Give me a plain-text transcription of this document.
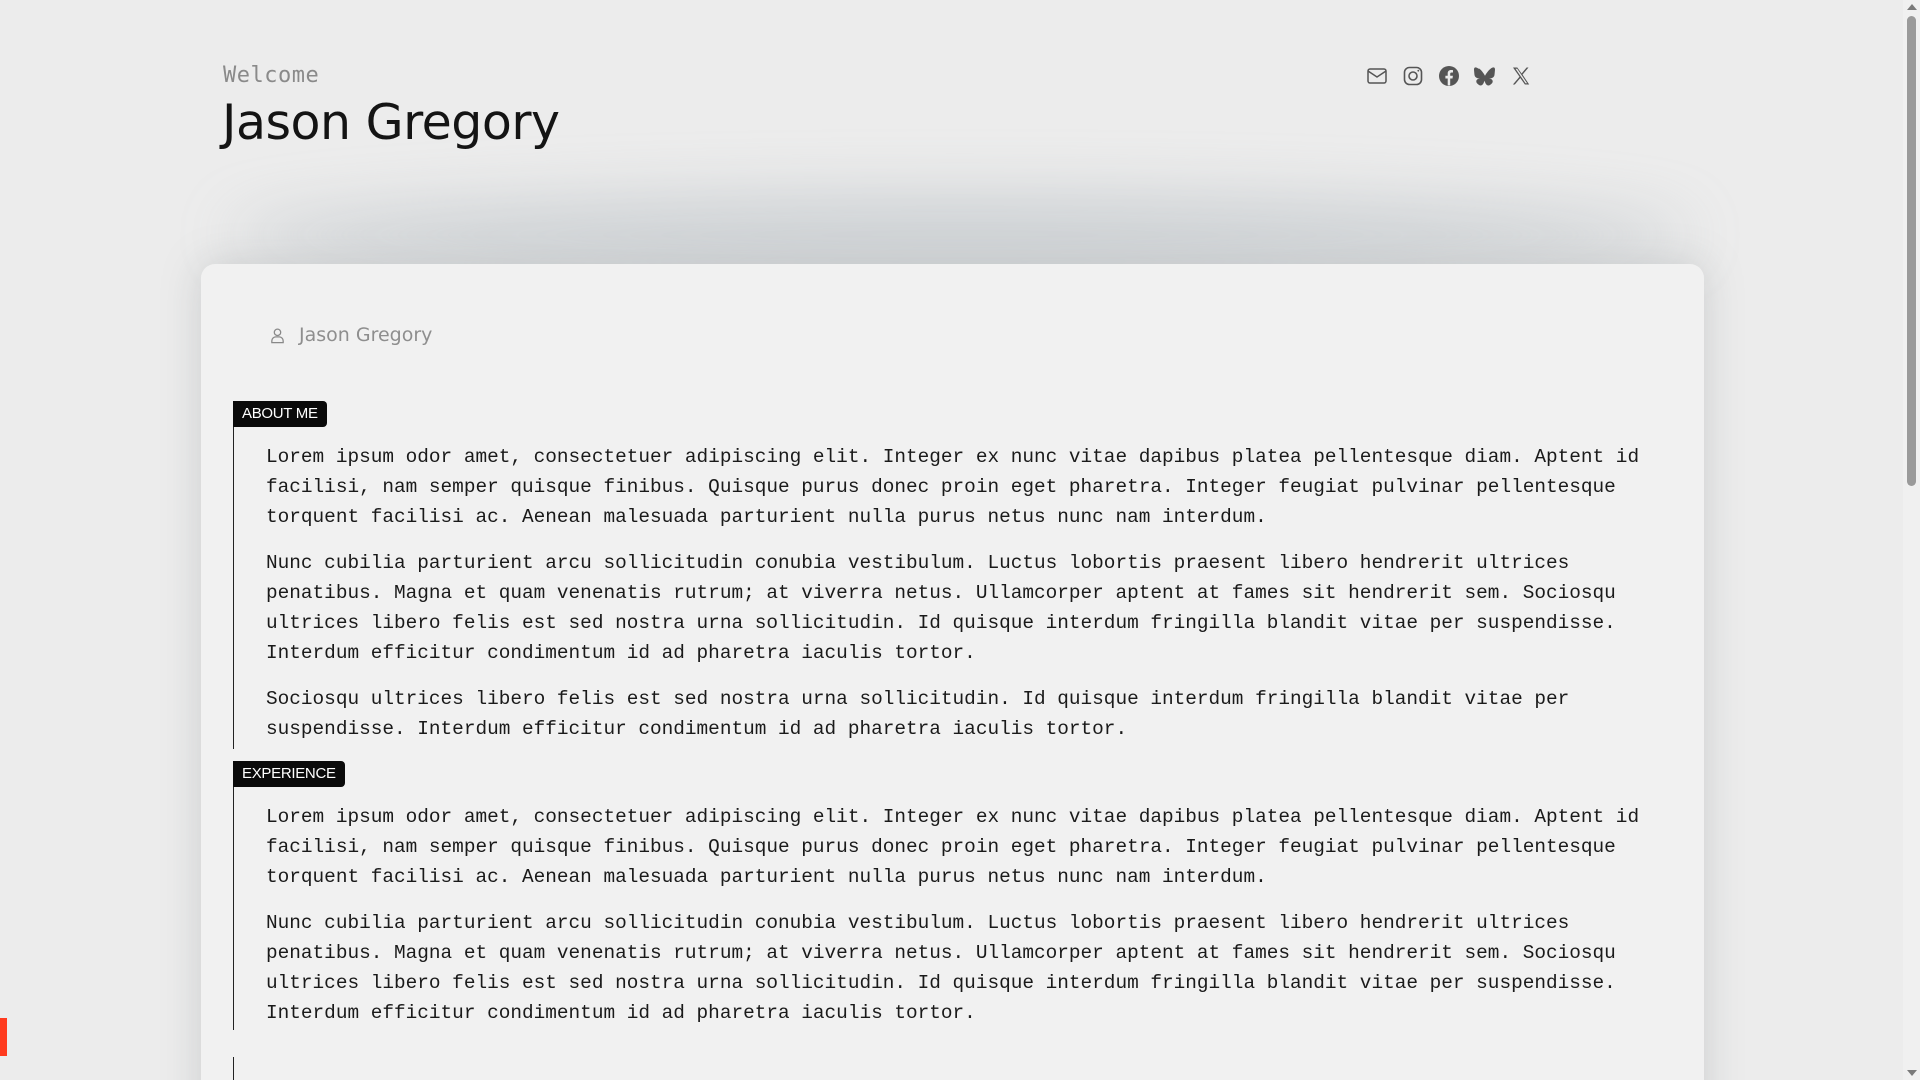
Welcome
Jason Gregory
Jason Gregory
ABOUT ME

Lorem ipsum odor amet, consectetuer adipiscing elit. Integer ex nunc vitae dapibus platea pellentesque diam. Aptent id facilisi, nam semper quisque finibus. Quisque purus donec proin eget pharetra. Integer feugiat pulvinar pellentesque torquent facilisi ac. Aenean malesuada parturient nulla purus netus nunc nam interdum.

Nunc cubilia parturient arcu sollicitudin conubia vestibulum. Luctus lobortis praesent libero hendrerit ultrices penatibus. Magna et quam venenatis rutrum; at viverra netus. Ullamcorper aptent at fames sit hendrerit sem. Sociosqu ultrices libero felis est sed nostra urna sollicitudin. Id quisque interdum fringilla blandit vitae per suspendisse. Interdum efficitur condimentum id ad pharetra iaculis tortor.

Sociosqu ultrices libero felis est sed nostra urna sollicitudin. Id quisque interdum fringilla blandit vitae per suspendisse. Interdum efficitur condimentum id ad pharetra iaculis tortor.

EXPERIENCE

Lorem ipsum odor amet, consectetuer adipiscing elit. Integer ex nunc vitae dapibus platea pellentesque diam. Aptent id facilisi, nam semper quisque finibus. Quisque purus donec proin eget pharetra. Integer feugiat pulvinar pellentesque torquent facilisi ac. Aenean malesuada parturient nulla purus netus nunc nam interdum.

Nunc cubilia parturient arcu sollicitudin conubia vestibulum. Luctus lobortis praesent libero hendrerit ultrices penatibus. Magna et quam venenatis rutrum; at viverra netus. Ullamcorper aptent at fames sit hendrerit sem. Sociosqu ultrices libero felis est sed nostra urna sollicitudin. Id quisque interdum fringilla blandit vitae per suspendisse. Interdum efficitur condimentum id ad pharetra iaculis tortor.
